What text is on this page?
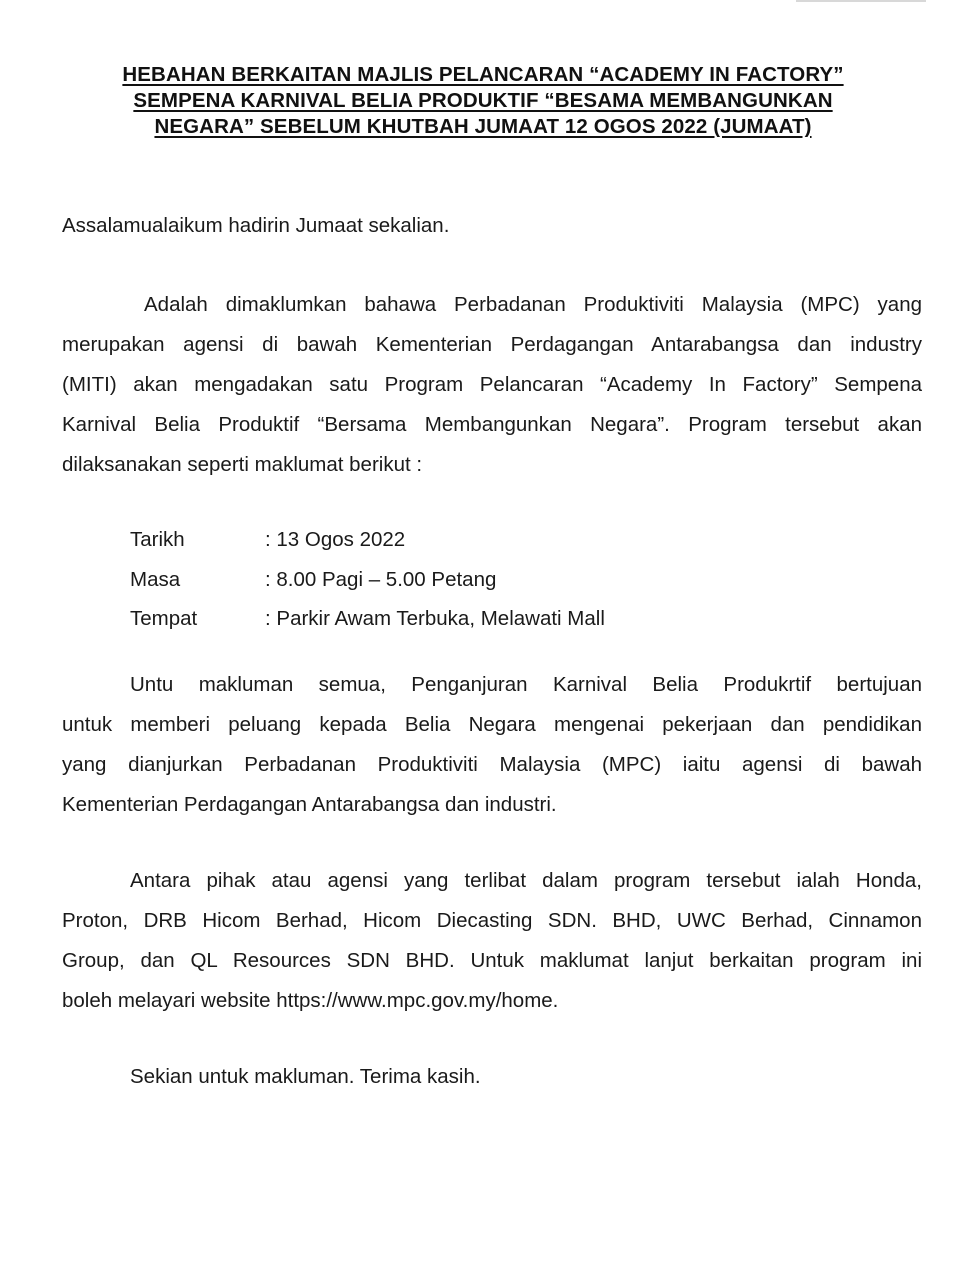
HEBAHAN BERKAITAN MAJLIS PELANCARAN “ACADEMY IN FACTORY”
SEMPENA KARNIVAL BELIA PRODUKTIF “BESAMA MEMBANGUNKAN
NEGARA” SEBELUM KHUTBAH JUMAAT 12 OGOS 2022 (JUMAAT)
Assalamualaikum hadirin Jumaat sekalian.
Adalah dimaklumkan bahawa Perbadanan Produktiviti Malaysia (MPC) yang
merupakan agensi di bawah Kementerian Perdagangan Antarabangsa dan industry
(MITI) akan mengadakan satu Program Pelancaran “Academy In Factory” Sempena
Karnival Belia Produktif “Bersama Membangunkan Negara”. Program tersebut akan
dilaksanakan seperti maklumat berikut :
Tarikh	: 13 Ogos 2022
Masa	: 8.00 Pagi – 5.00 Petang
Tempat	: Parkir Awam Terbuka, Melawati Mall
Untu makluman semua, Penganjuran Karnival Belia Produkrtif bertujuan
untuk memberi peluang kepada Belia Negara mengenai pekerjaan dan pendidikan
yang dianjurkan Perbadanan Produktiviti Malaysia (MPC) iaitu agensi di bawah
Kementerian Perdagangan Antarabangsa dan industri.
Antara pihak atau agensi yang terlibat dalam program tersebut ialah Honda,
Proton, DRB Hicom Berhad, Hicom Diecasting SDN. BHD, UWC Berhad, Cinnamon
Group, dan QL Resources SDN BHD. Untuk maklumat lanjut berkaitan program ini
boleh melayari website https://www.mpc.gov.my/home.
Sekian untuk makluman. Terima kasih.
